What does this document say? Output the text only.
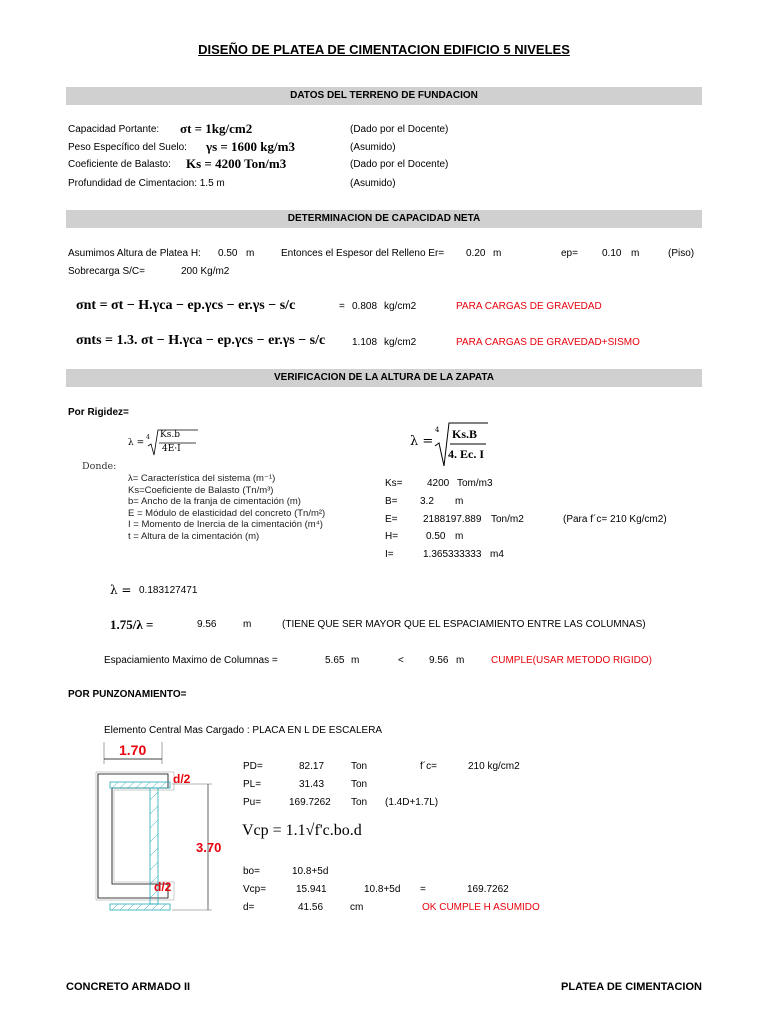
DISEÑO DE PLATEA DE CIMENTACION EDIFICIO 5 NIVELES
DATOS DEL TERRENO DE FUNDACION
Capacidad Portante: σt = 1kg/cm2	(Dado por el Docente)
Peso Específico del Suelo: γs = 1600 kg/m3	(Asumido)
Coeficiente de Balasto: Ks = 4200 Ton/m3	(Dado por el Docente)
Profundidad de Cimentacion: 1.5 m	(Asumido)
DETERMINACION DE CAPACIDAD NETA
Asumimos Altura de Platea H: 0.50 m	Entonces el Espesor del Relleno Er= 0.20 m	ep= 0.10 m	(Piso)
Sobrecarga S/C=	200 Kg/m2
σnt = σt − H.γca − ep.γcs − er.γs − s/c	= 0.808 kg/cm2	PARA CARGAS DE GRAVEDAD
σnts = 1.3. σt − H.γca − ep.γcs − er.γs − s/c	1.108 kg/cm2	PARA CARGAS DE GRAVEDAD+SISMO
VERIFICACION DE LA ALTURA DE LA ZAPATA
Por Rigidez=
λ =
4 Ks.b
4E·I
Donde:
λ= Característica del sistema (m⁻¹)
Ks=Coeficiente de Balasto (Tn/m³)
b= Ancho de la franja de cimentación (m)
E = Módulo de elasticidad del concreto (Tn/m²)
I = Momento de Inercia de la cimentación (m⁴)
t = Altura de la cimentación (m)
λ =
4 Ks.B
4. Ec. I
Ks= 4200 Tom/m3
B= 3.2 m
E=	2188197.889 Ton/m2	(Para f´c= 210 Kg/cm2)
H=	0.50 m
I=	1.365333333 m4
λ = 0.183127471
1.75/λ =	9.56	m	(TIENE QUE SER MAYOR QUE EL ESPACIAMIENTO ENTRE LAS COLUMNAS)
Espaciamiento Maximo de Columnas =	5.65 m	<	9.56 m	CUMPLE(USAR METODO RIGIDO)
POR PUNZONAMIENTO=
Elemento Central Mas Cargado : PLACA EN L DE ESCALERA
1.70
d/2
3.70
d/2
PD=	82.17	Ton	f´c=	210 kg/cm2
PL=	31.43	Ton
Pu=	169.7262 Ton (1.4D+1.7L)
Vcp = 1.1√f'c.bo.d
bo=	10.8+5d
Vcp=	15.941	10.8+5d =	169.7262
d=	41.56	cm	OK CUMPLE H ASUMIDO
CONCRETO ARMADO II	PLATEA DE CIMENTACION
